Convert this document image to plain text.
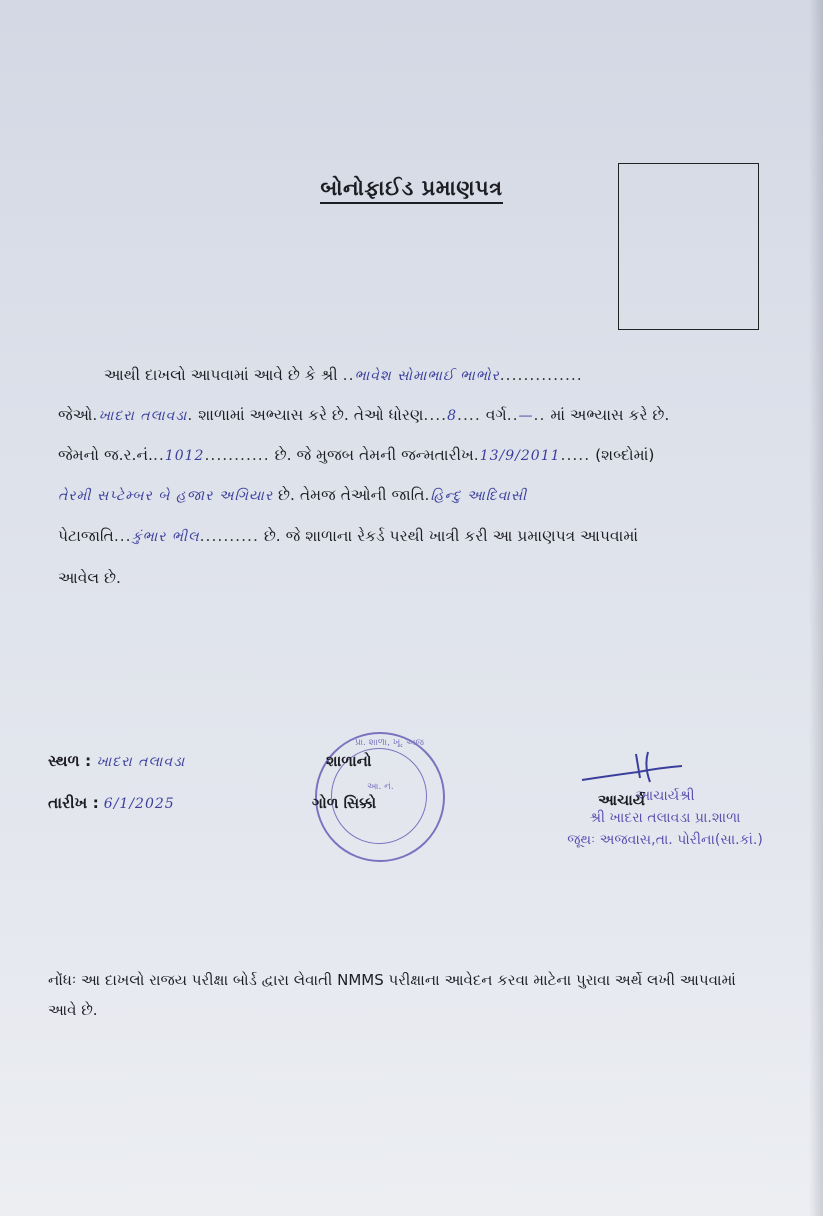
બોનોફાઈડ પ્રમાણપત્ર
આથી દાખલો આપવામાં આવે છે કે શ્રી ..ભાવેશ સોમાભાઈ ભાભોર..............
જેઓ.ખાદરા તલાવડા. શાળામાં અભ્યાસ કરે છે. તેઓ ધોરણ....8.... વર્ગ..—.. માં અભ્યાસ કરે છે.
જેમનો જ.ર.નં...1012........... છે. જે મુજબ તેમની જન્મતારીખ.13/9/2011..... (શબ્દોમાં)
તેરમી સપ્ટેમ્બર બે હજાર અગિયાર છે. તેમજ તેઓની જાતિ.હિન્દુ આદિવાસી
પેટાજાતિ...કુંભાર ભીલ.......... છે. જે શાળાના રેકર્ડ પરથી ખાત્રી કરી આ પ્રમાણપત્ર આપવામાં
આવેલ છે.
સ્થળ : ખાદરા તલાવડા
તારીખ : 6/1/2025
પ્રા. શાળા, ખૂ. અજ
આ. નં.
શાળાનો
ગોળ સિક્કો	આચાર્યશ્રી
આચાર્ય
શ્રી ખાદરા તલાવડા પ્રા.શાળા
જૂથઃ અજવાસ,તા. પોરીના(સા.કાં.)
નોંધઃ આ દાખલો રાજય પરીક્ષા બોર્ડ દ્વારા લેવાતી NMMS પરીક્ષાના આવેદન કરવા માટેના પુરાવા અર્થે લખી આપવામાં આવે છે.
